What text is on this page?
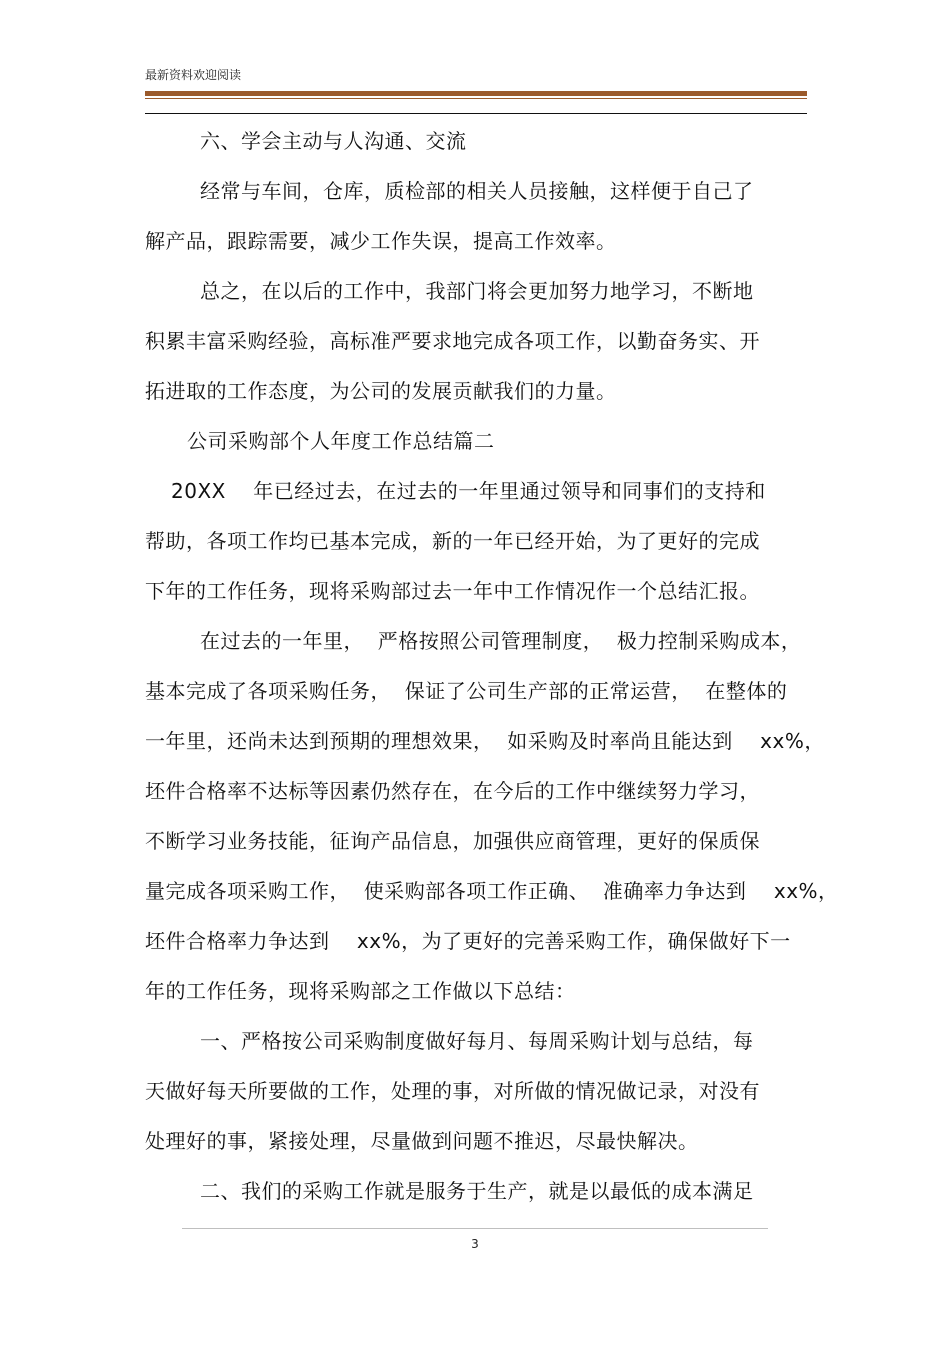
最新资料欢迎阅读
六、学会主动与人沟通、交流
经常与车间，仓库，质检部的相关人员接触，这样便于自己了
解产品，跟踪需要，减少工作失误，提高工作效率。
总之，在以后的工作中，我部门将会更加努力地学习，不断地
积累丰富采购经验，高标准严要求地完成各项工作，以勤奋务实、开
拓进取的工作态度，为公司的发展贡献我们的力量。
公司采购部个人年度工作总结篇二
20XX    年已经过去，在过去的一年里通过领导和同事们的支持和
帮助，各项工作均已基本完成，新的一年已经开始，为了更好的完成
下年的工作任务，现将采购部过去一年中工作情况作一个总结汇报。
在过去的一年里，  严格按照公司管理制度，  极力控制采购成本，
基本完成了各项采购任务，  保证了公司生产部的正常运营，  在整体的
一年里，还尚未达到预期的理想效果，  如采购及时率尚且能达到    xx%，
坯件合格率不达标等因素仍然存在，在今后的工作中继续努力学习，
不断学习业务技能，征询产品信息，加强供应商管理，更好的保质保
量完成各项采购工作，  使采购部各项工作正确、  准确率力争达到    xx%，
坯件合格率力争达到    xx%，为了更好的完善采购工作，确保做好下一
年的工作任务，现将采购部之工作做以下总结：
一、严格按公司采购制度做好每月、每周采购计划与总结，每
天做好每天所要做的工作，处理的事，对所做的情况做记录，对没有
处理好的事，紧接处理，尽量做到问题不推迟，尽最快解决。
二、我们的采购工作就是服务于生产，就是以最低的成本满足
3
